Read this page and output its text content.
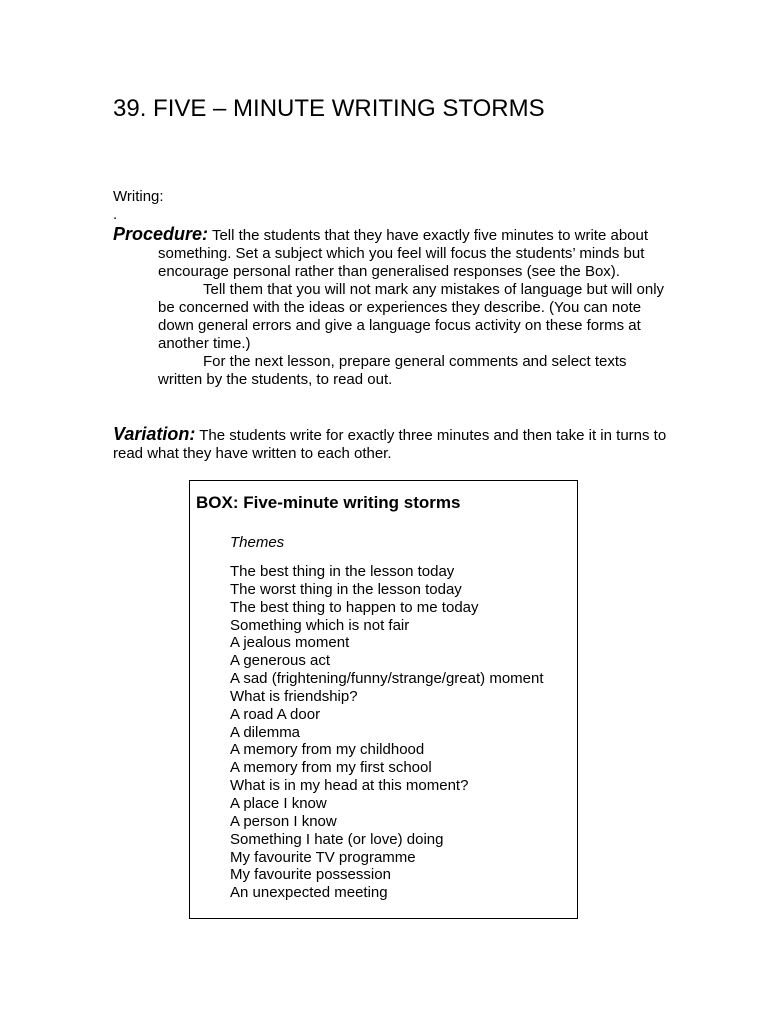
39. FIVE – MINUTE WRITING STORMS
Writing:
.
Procedure: Tell the students that they have exactly five minutes to write about
something. Set a subject which you feel will focus the students’ minds but encourage personal rather than generalised responses (see the Box).
Tell them that you will not mark any mistakes of language but will only be concerned with the ideas or experiences they describe. (You can note down general errors and give a language focus activity on these forms at another time.)
For the next lesson, prepare general comments and select texts written by the students, to read out.
Variation: The students write for exactly three minutes and then take it in turns to read what they have written to each other.
BOX: Five-minute writing storms
Themes
The best thing in the lesson today
The worst thing in the lesson today
The best thing to happen to me today
Something which is not fair
A jealous moment
A generous act
A sad (frightening/funny/strange/great) moment
What is friendship?
A road A door
A dilemma
A memory from my childhood
A memory from my first school
What is in my head at this moment?
A place I know
A person I know
Something I hate (or love) doing
My favourite TV programme
My favourite possession
An unexpected meeting
